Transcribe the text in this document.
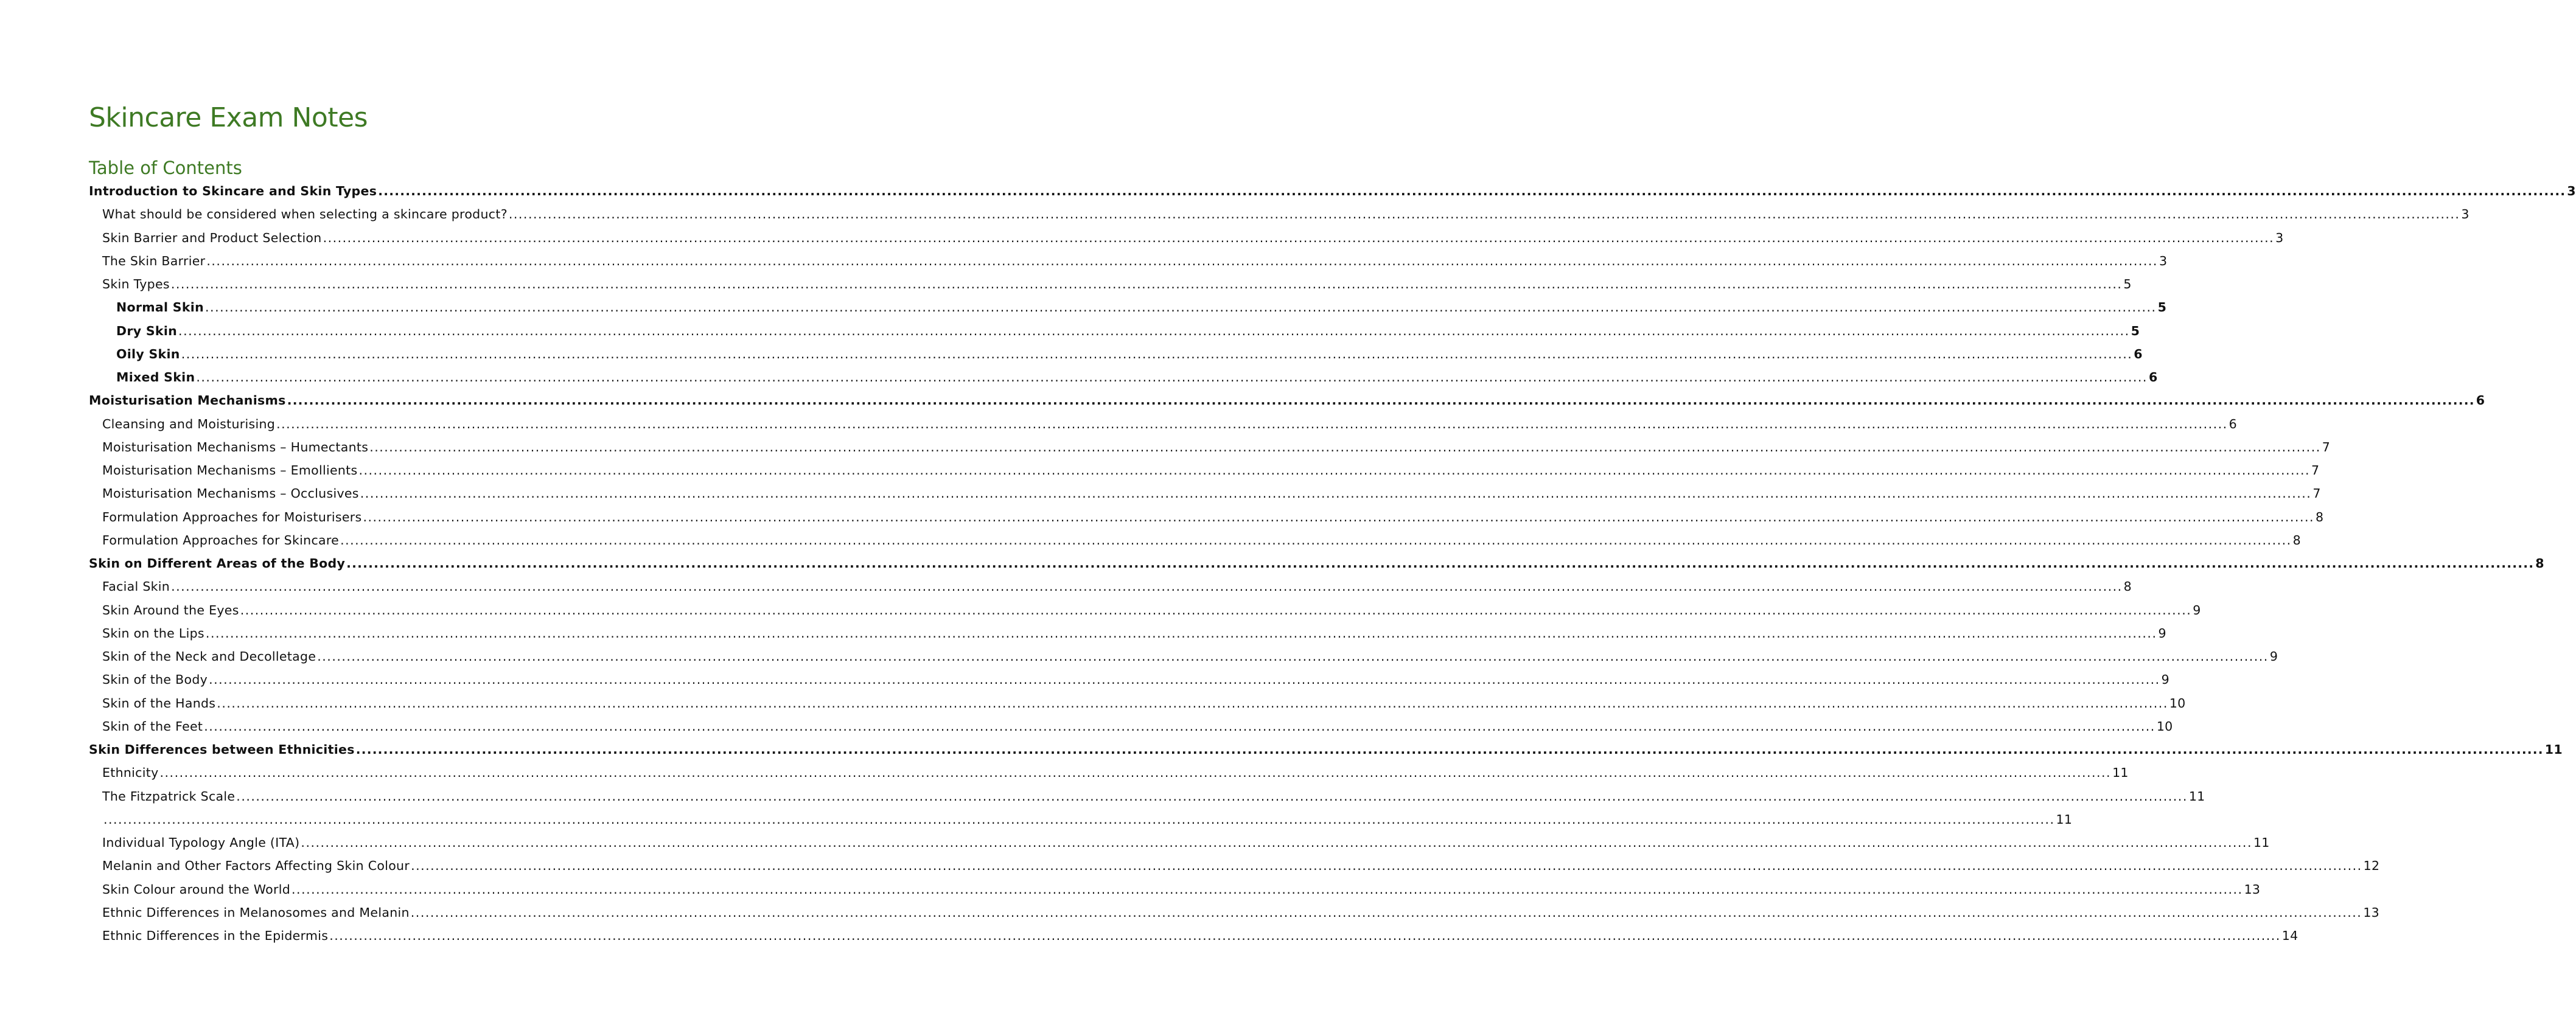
Skincare Exam Notes
Table of Contents
Introduction to Skincare and Skin Types ................................................................................................................................................................................................................................................................................................................................................................................................................ 3
What should be considered when selecting a skincare product? ................................................................................................................................................................................................................................................................................................................................................................................................................ 3
Skin Barrier and Product Selection ................................................................................................................................................................................................................................................................................................................................................................................................................ 3
The Skin Barrier ................................................................................................................................................................................................................................................................................................................................................................................................................ 3
Skin Types ................................................................................................................................................................................................................................................................................................................................................................................................................ 5
Normal Skin ................................................................................................................................................................................................................................................................................................................................................................................................................ 5
Dry Skin ................................................................................................................................................................................................................................................................................................................................................................................................................ 5
Oily Skin ................................................................................................................................................................................................................................................................................................................................................................................................................ 6
Mixed Skin ................................................................................................................................................................................................................................................................................................................................................................................................................ 6
Moisturisation Mechanisms ................................................................................................................................................................................................................................................................................................................................................................................................................ 6
Cleansing and Moisturising ................................................................................................................................................................................................................................................................................................................................................................................................................ 6
Moisturisation Mechanisms – Humectants ................................................................................................................................................................................................................................................................................................................................................................................................................ 7
Moisturisation Mechanisms – Emollients ................................................................................................................................................................................................................................................................................................................................................................................................................ 7
Moisturisation Mechanisms – Occlusives ................................................................................................................................................................................................................................................................................................................................................................................................................ 7
Formulation Approaches for Moisturisers ................................................................................................................................................................................................................................................................................................................................................................................................................ 8
Formulation Approaches for Skincare ................................................................................................................................................................................................................................................................................................................................................................................................................ 8
Skin on Different Areas of the Body ................................................................................................................................................................................................................................................................................................................................................................................................................ 8
Facial Skin ................................................................................................................................................................................................................................................................................................................................................................................................................ 8
Skin Around the Eyes ................................................................................................................................................................................................................................................................................................................................................................................................................ 9
Skin on the Lips ................................................................................................................................................................................................................................................................................................................................................................................................................ 9
Skin of the Neck and Decolletage ................................................................................................................................................................................................................................................................................................................................................................................................................ 9
Skin of the Body ................................................................................................................................................................................................................................................................................................................................................................................................................ 9
Skin of the Hands ................................................................................................................................................................................................................................................................................................................................................................................................................ 10
Skin of the Feet ................................................................................................................................................................................................................................................................................................................................................................................................................ 10
Skin Differences between Ethnicities ................................................................................................................................................................................................................................................................................................................................................................................................................ 11
Ethnicity ................................................................................................................................................................................................................................................................................................................................................................................................................ 11
The Fitzpatrick Scale ................................................................................................................................................................................................................................................................................................................................................................................................................ 11
................................................................................................................................................................................................................................................................................................................................................................................................................ 11
Individual Typology Angle (ITA) ................................................................................................................................................................................................................................................................................................................................................................................................................ 11
Melanin and Other Factors Affecting Skin Colour ................................................................................................................................................................................................................................................................................................................................................................................................................ 12
Skin Colour around the World ................................................................................................................................................................................................................................................................................................................................................................................................................ 13
Ethnic Differences in Melanosomes and Melanin ................................................................................................................................................................................................................................................................................................................................................................................................................ 13
Ethnic Differences in the Epidermis ................................................................................................................................................................................................................................................................................................................................................................................................................ 14
